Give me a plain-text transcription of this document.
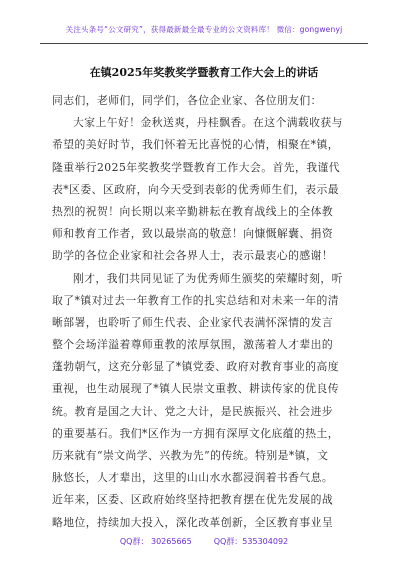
关注头条号“公文研究”，获得最新最全最专业的公文资料库！ 微信：gongwenyj
在镇2025年奖教奖学暨教育工作大会上的讲话
同志们，老师们，同学们，各位企业家、各位朋友们：
大家上午好！金秋送爽，丹桂飘香。在这个满载收获与
希望的美好时节，我们怀着无比喜悦的心情，相聚在*镇，
隆重举行2025年奖教奖学暨教育工作大会。首先，我谨代
表*区委、区政府，向今天受到表彰的优秀师生们，表示最
热烈的祝贺！向长期以来辛勤耕耘在教育战线上的全体教
师和教育工作者，致以最崇高的敬意！向慷慨解囊、捐资
助学的各位企业家和社会各界人士，表示最衷心的感谢！
刚才，我们共同见证了为优秀师生颁奖的荣耀时刻，听
取了*镇对过去一年教育工作的扎实总结和对未来一年的清
晰部署，也聆听了师生代表、企业家代表满怀深情的发言
整个会场洋溢着尊师重教的浓厚氛围，激荡着人才辈出的
蓬勃朝气，这充分彰显了*镇党委、政府对教育事业的高度
重视，也生动展现了*镇人民崇文重教、耕读传家的优良传
统。教育是国之大计、党之大计，是民族振兴、社会进步
的重要基石。我们*区作为一方拥有深厚文化底蕴的热土，
历来就有“崇文尚学、兴教为先”的传统。特别是*镇，文
脉悠长，人才辈出，这里的山山水水都浸润着书香气息。
近年来，区委、区政府始终坚持把教育摆在优先发展的战
略地位，持续加大投入，深化改革创新，全区教育事业呈
QQ群： 30265665	QQ群：535304092
